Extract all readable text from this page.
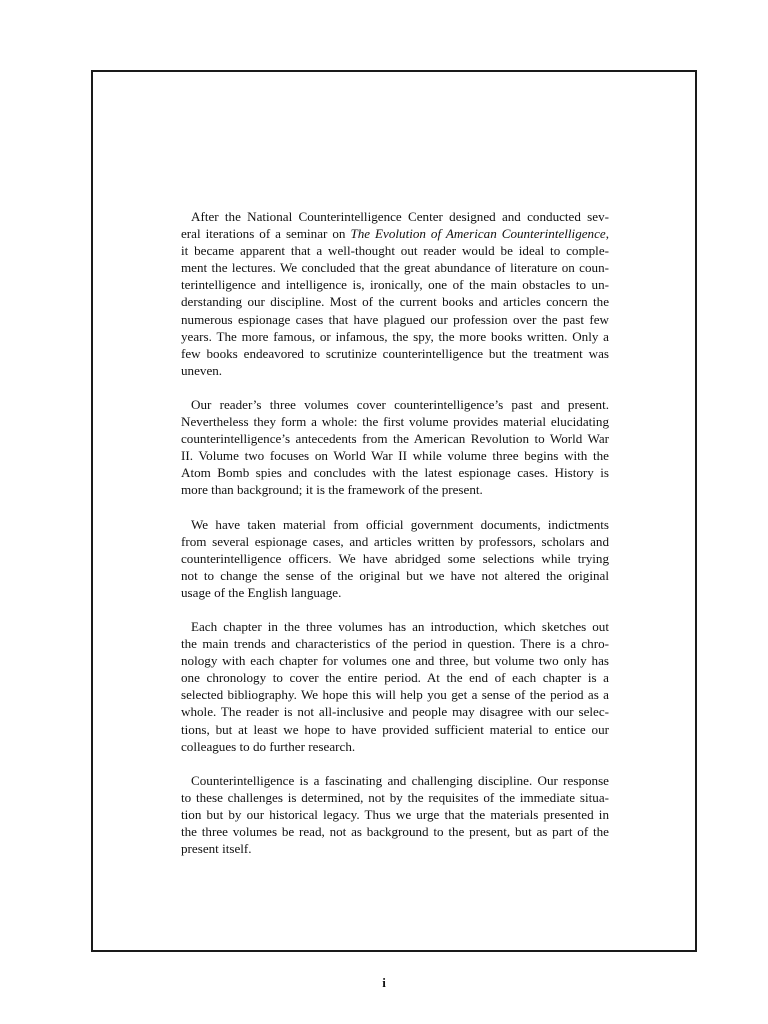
After the National Counterintelligence Center designed and conducted sev-
eral iterations of a seminar on The Evolution of American Counterintelligence,
it became apparent that a well-thought out reader would be ideal to comple-
ment the lectures. We concluded that the great abundance of literature on coun-
terintelligence and intelligence is, ironically, one of the main obstacles to un-
derstanding our discipline. Most of the current books and articles concern the
numerous espionage cases that have plagued our profession over the past few
years. The more famous, or infamous, the spy, the more books written. Only a
few books endeavored to scrutinize counterintelligence but the treatment was
uneven.

Our reader’s three volumes cover counterintelligence’s past and present.
Nevertheless they form a whole: the first volume provides material elucidating
counterintelligence’s antecedents from the American Revolution to World War
II. Volume two focuses on World War II while volume three begins with the
Atom Bomb spies and concludes with the latest espionage cases. History is
more than background; it is the framework of the present.

We have taken material from official government documents, indictments
from several espionage cases, and articles written by professors, scholars and
counterintelligence officers. We have abridged some selections while trying
not to change the sense of the original but we have not altered the original
usage of the English language.

Each chapter in the three volumes has an introduction, which sketches out
the main trends and characteristics of the period in question. There is a chro-
nology with each chapter for volumes one and three, but volume two only has
one chronology to cover the entire period. At the end of each chapter is a
selected bibliography. We hope this will help you get a sense of the period as a
whole. The reader is not all-inclusive and people may disagree with our selec-
tions, but at least we hope to have provided sufficient material to entice our
colleagues to do further research.

Counterintelligence is a fascinating and challenging discipline. Our response
to these challenges is determined, not by the requisites of the immediate situa-
tion but by our historical legacy. Thus we urge that the materials presented in
the three volumes be read, not as background to the present, but as part of the
present itself.

i
